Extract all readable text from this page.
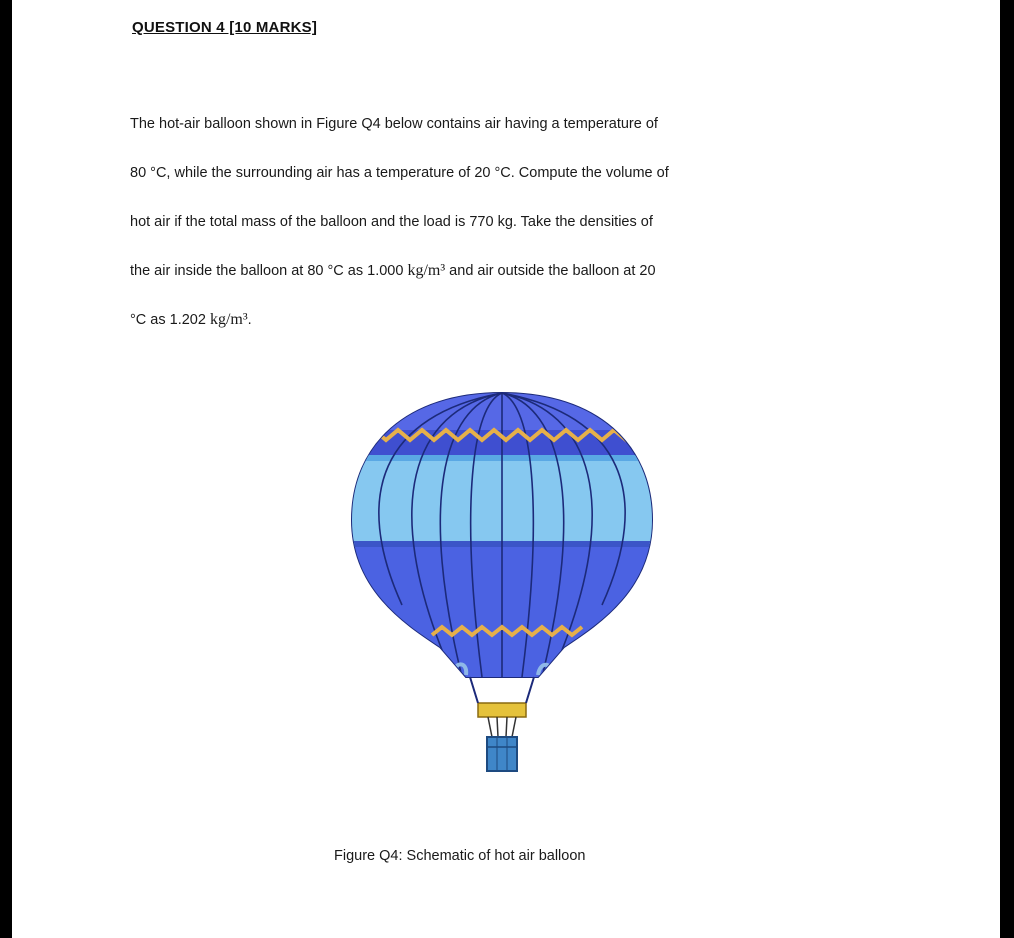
QUESTION 4 [10 MARKS]
The hot-air balloon shown in Figure Q4 below contains air having a temperature of
80 °C, while the surrounding air has a temperature of 20 °C. Compute the volume of
hot air if the total mass of the balloon and the load is 770 kg. Take the densities of
the air inside the balloon at 80 °C as 1.000 kg/m³ and air outside the balloon at 20
°C as 1.202 kg/m³.
Figure Q4: Schematic of hot air balloon
